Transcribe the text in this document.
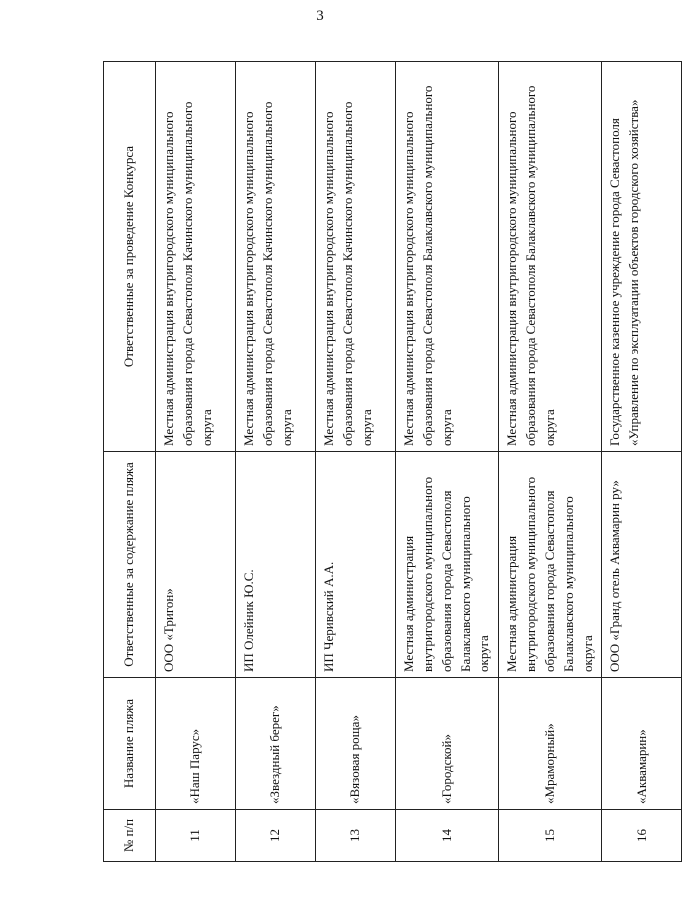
3
№ п/п	Название пляжа	Ответственные за содержание пляжа	Ответственные за проведение Конкурса
11	«Наш Парус»	ООО «Тригон»	Местная администрация внутригородского муниципального образования города Севастополя Качинского муниципального округа
12	«Звездный берег»	ИП Олейник Ю.С.	Местная администрация внутригородского муниципального образования города Севастополя Качинского муниципального округа
13	«Вязовая роща»	ИП Черивский А.А.	Местная администрация внутригородского муниципального образования города Севастополя Качинского муниципального округа
14	«Городской»	Местная администрация внутригородского муниципального образования города Севастополя Балаклавского муниципального округа	Местная администрация внутригородского муниципального образования города Севастополя Балаклавского муниципального округа
15	«Мраморный»	Местная администрация внутригородского муниципального образования города Севастополя Балаклавского муниципального округа	Местная администрация внутригородского муниципального образования города Севастополя Балаклавского муниципального округа
16	«Аквамарин»	ООО «Гранд отель Аквамарин ру»	Государственное казенное учреждение города Севастополя «Управление по эксплуатации объектов городского хозяйства»
